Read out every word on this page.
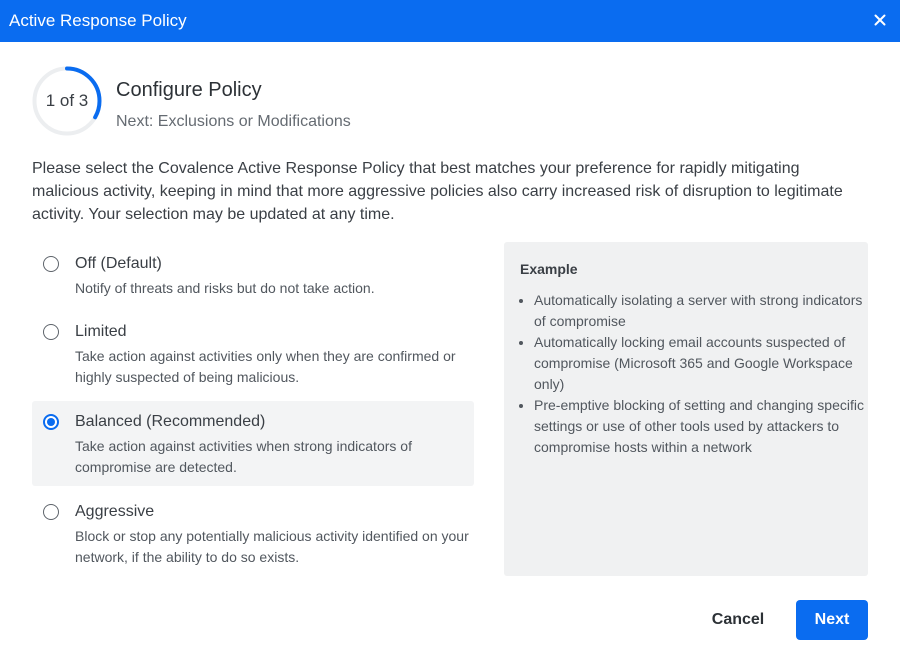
Active Response Policy
1 of 3	Configure Policy
Next: Exclusions or Modifications
Please select the Covalence Active Response Policy that best matches your preference for rapidly mitigating malicious activity, keeping in mind that more aggressive policies also carry increased risk of disruption to legitimate activity. Your selection may be updated at any time.
Off (Default)
Notify of threats and risks but do not take action.
Limited
Take action against activities only when they are confirmed or highly suspected of being malicious.
Balanced (Recommended)
Take action against activities when strong indicators of compromise are detected.
Aggressive
Block or stop any potentially malicious activity identified on your network, if the ability to do so exists.
Example
• Automatically isolating a server with strong indicators of compromise
• Automatically locking email accounts suspected of compromise (Microsoft 365 and Google Workspace only)
• Pre-emptive blocking of setting and changing specific settings or use of other tools used by attackers to compromise hosts within a network
Cancel	Next
